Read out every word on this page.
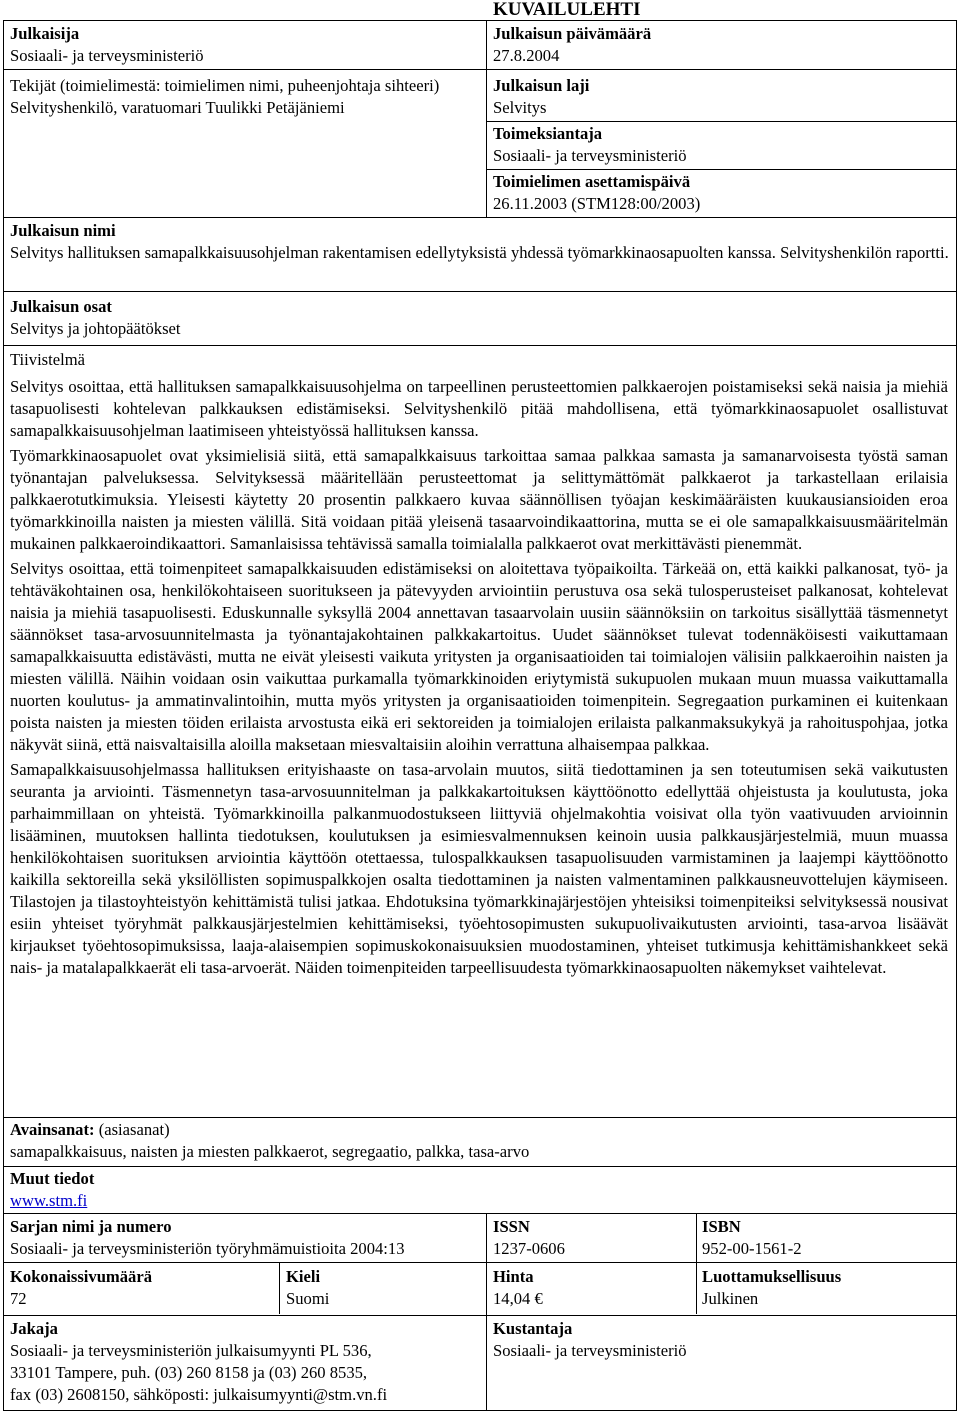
Julkaisija
Sosiaali- ja terveysministeriö
Tekijät (toimielimestä: toimielimen nimi, puheenjohtaja sihteeri)
Selvityshenkilö, varatuomari Tuulikki Petäjäniemi
Julkaisun päivämäärä
27.8.2004
Julkaisun laji
Selvitys
Toimeksiantaja
Sosiaali- ja terveysministeriö
Toimielimen asettamispäivä
26.11.2003 (STM128:00/2003)
KUVAILULEHTI
Julkaisun nimi
Selvitys hallituksen samapalkkaisuusohjelman rakentamisen edellytyksistä yhdessä työmarkkinaosapuolten kanssa. Selvityshenkilön raportti.
Julkaisun osat
Selvitys ja johtopäätökset
Tiivistelmä

Selvitys osoittaa, että hallituksen samapalkkaisuusohjelma on tarpeellinen perusteettomien palkkaerojen poistamiseksi sekä naisia ja miehiä tasapuolisesti kohtelevan palkkauksen edistämiseksi. Selvityshenkilö pitää mahdollisena, että työmarkkinaosapuolet osallistuvat samapalkkaisuusohjelman laatimiseen yhteistyössä hallituksen kanssa.

Työmarkkinaosapuolet ovat yksimielisiä siitä, että samapalkkaisuus tarkoittaa samaa palkkaa samasta ja samanarvoisesta työstä saman työnantajan palveluksessa. Selvityksessä määritellään perusteettomat ja selittymättömät palkkaerot ja tarkastellaan erilaisia palkkaerotutkimuksia. Yleisesti käytetty 20 prosentin palkkaero kuvaa säännöllisen työajan keskimääräisten kuukausiansioiden eroa työmarkkinoilla naisten ja miesten välillä. Sitä voidaan pitää yleisenä tasaarvoindikaattorina, mutta se ei ole samapalkkaisuusmääritelmän mukainen palkkaeroindikaattori. Samanlaisissa tehtävissä samalla toimialalla palkkaerot ovat merkittävästi pienemmät.

Selvitys osoittaa, että toimenpiteet samapalkkaisuuden edistämiseksi on aloitettava työpaikoilta. Tärkeää on, että kaikki palkanosat, työ- ja tehtäväkohtainen osa, henkilökohtaiseen suoritukseen ja pätevyyden arviointiin perustuva osa sekä tulosperusteiset palkanosat, kohtelevat naisia ja miehiä tasapuolisesti. Eduskunnalle syksyllä 2004 annettavan tasaarvolain uusiin säännöksiin on tarkoitus sisällyttää täsmennetyt säännökset tasa-arvosuunnitelmasta ja työnantajakohtainen palkkakartoitus. Uudet säännökset tulevat todennäköisesti vaikuttamaan samapalkkaisuutta edistävästi, mutta ne eivät yleisesti vaikuta yritysten ja organisaatioiden tai toimialojen välisiin palkkaeroihin naisten ja miesten välillä. Näihin voidaan osin vaikuttaa purkamalla työmarkkinoiden eriytymistä sukupuolen mukaan muun muassa vaikuttamalla nuorten koulutus- ja ammatinvalintoihin, mutta myös yritysten ja organisaatioiden toimenpitein. Segregaation purkaminen ei kuitenkaan poista naisten ja miesten töiden erilaista arvostusta eikä eri sektoreiden ja toimialojen erilaista palkanmaksukykyä ja rahoituspohjaa, jotka näkyvät siinä, että naisvaltaisilla aloilla maksetaan miesvaltaisiin aloihin verrattuna alhaisempaa palkkaa.

Samapalkkaisuusohjelmassa hallituksen erityishaaste on tasa-arvolain muutos, siitä tiedottaminen ja sen toteutumisen sekä vaikutusten seuranta ja arviointi. Täsmennetyn tasa-arvosuunnitelman ja palkkakartoituksen käyttöönotto edellyttää ohjeistusta ja koulutusta, joka parhaimmillaan on yhteistä. Työmarkkinoilla palkanmuodostukseen liittyviä ohjelmakohtia voisivat olla työn vaativuuden arvioinnin lisääminen, muutoksen hallinta tiedotuksen, koulutuksen ja esimiesvalmennuksen keinoin uusia palkkausjärjestelmiä, muun muassa henkilökohtaisen suorituksen arviointia käyttöön otettaessa, tulospalkkauksen tasapuolisuuden varmistaminen ja laajempi käyttöönotto kaikilla sektoreilla sekä yksilöllisten sopimuspalkkojen osalta tiedottaminen ja naisten valmentaminen palkkausneuvottelujen käymiseen. Tilastojen ja tilastoyhteistyön kehittämistä tulisi jatkaa. Ehdotuksina työmarkkinajärjestöjen yhteisiksi toimenpiteiksi selvityksessä nousivat esiin yhteiset työryhmät palkkausjärjestelmien kehittämiseksi, työehtosopimusten sukupuolivaikutusten arviointi, tasa-arvoa lisäävät kirjaukset työehtosopimuksissa, laaja-alaisempien sopimuskokonaisuuksien muodostaminen, yhteiset tutkimusja kehittämishankkeet sekä nais- ja matalapalkkaerät eli tasa-arvoerät. Näiden toimenpiteiden tarpeellisuudesta työmarkkinaosapuolten näkemykset vaihtelevat.

Avainsanat: (asiasanat)
samapalkkaisuus, naisten ja miesten palkkaerot, segregaatio, palkka, tasa-arvo
Muut tiedot
www.stm.fi
Sarjan nimi ja numero
Sosiaali- ja terveysministeriön työryhmämuistioita 2004:13
ISSN
1237-0606
ISBN
952-00-1561-2
Kokonaissivumäärä
72
Kieli
Suomi
Hinta
14,04 €
Luottamuksellisuus
Julkinen
Jakaja
Sosiaali- ja terveysministeriön julkaisumyynti PL 536,
33101 Tampere, puh. (03) 260 8158 ja (03) 260 8535,
fax (03) 2608150, sähköposti: julkaisumyynti@stm.vn.fi
Kustantaja
Sosiaali- ja terveysministeriö
